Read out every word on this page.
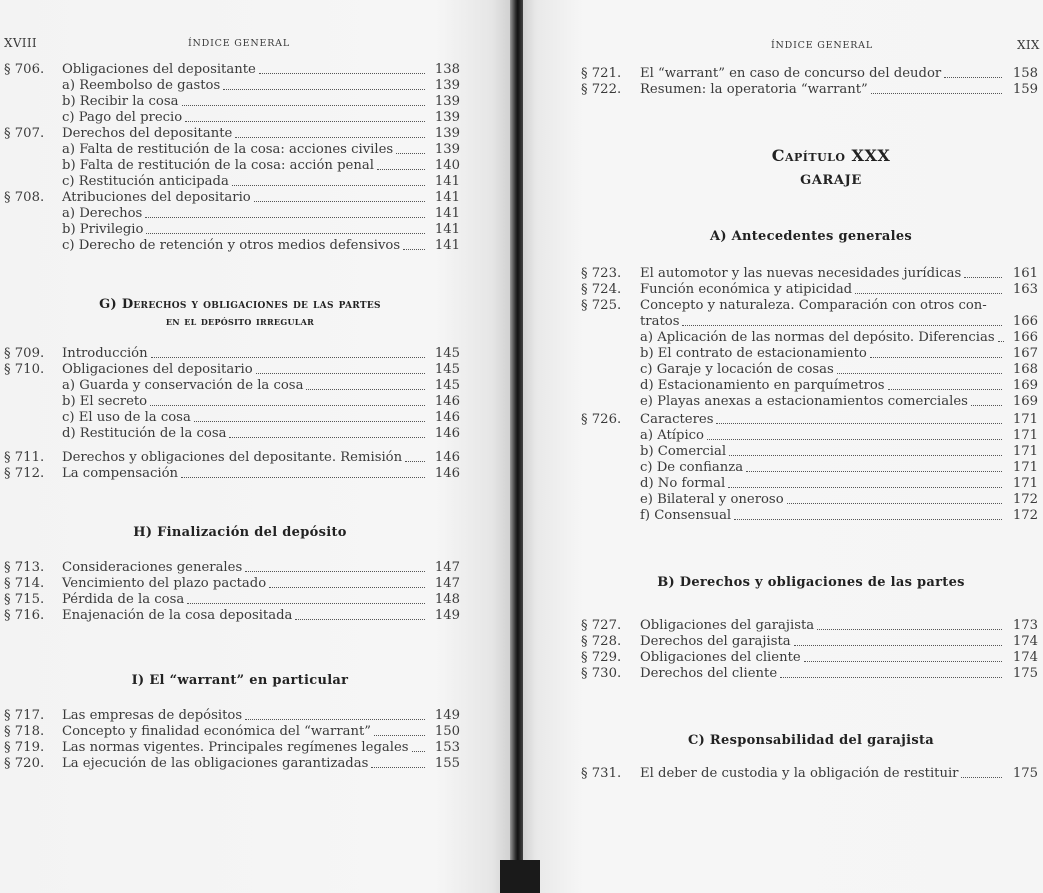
XVIII	ÍNDICE GENERAL
§ 706. Obligaciones del depositante	138
a) Reembolso de gastos	139
b) Recibir la cosa	139
c) Pago del precio	139
§ 707. Derechos del depositante	139
a) Falta de restitución de la cosa: acciones civiles	139
b) Falta de restitución de la cosa: acción penal	140
c) Restitución anticipada	141
§ 708. Atribuciones del depositario	141
a) Derechos	141
b) Privilegio	141
c) Derecho de retención y otros medios defensivos	141
§ 709. Introducción	145
§ 710. Obligaciones del depositario	145
a) Guarda y conservación de la cosa	145
b) El secreto	146
c) El uso de la cosa	146
d) Restitución de la cosa	146
§ 711. Derechos y obligaciones del depositante. Remisión	146
§ 712. La compensación	146
§ 713. Consideraciones generales	147
§ 714. Vencimiento del plazo pactado	147
§ 715. Pérdida de la cosa	148
§ 716. Enajenación de la cosa depositada	149
§ 717. Las empresas de depósitos	149
§ 718. Concepto y finalidad económica del “warrant”	150
§ 719. Las normas vigentes. Principales regímenes legales	153
§ 720. La ejecución de las obligaciones garantizadas	155
G) Derechos y obligaciones de las partes
en el depósito irregular
H) Finalización del depósito
I) El “warrant” en particular
ÍNDICE GENERAL	XIX
§ 721. El “warrant” en caso de concurso del deudor	158
§ 722. Resumen: la operatoria “warrant”	159
§ 723. El automotor y las nuevas necesidades jurídicas	161
§ 724. Función económica y atipicidad	163
§ 725. Concepto y naturaleza. Comparación con otros con-
tratos	166
a) Aplicación de las normas del depósito. Diferencias	166
b) El contrato de estacionamiento	167
c) Garaje y locación de cosas	168
d) Estacionamiento en parquímetros	169
e) Playas anexas a estacionamientos comerciales	169
§ 726. Caracteres	171
a) Atípico	171
b) Comercial	171
c) De confianza	171
d) No formal	171
e) Bilateral y oneroso	172
f) Consensual	172
§ 727. Obligaciones del garajista	173
§ 728. Derechos del garajista	174
§ 729. Obligaciones del cliente	174
§ 730. Derechos del cliente	175
§ 731. El deber de custodia y la obligación de restituir	175
Capítulo XXX
GARAJE
A) Antecedentes generales
B) Derechos y obligaciones de las partes
C) Responsabilidad del garajista
